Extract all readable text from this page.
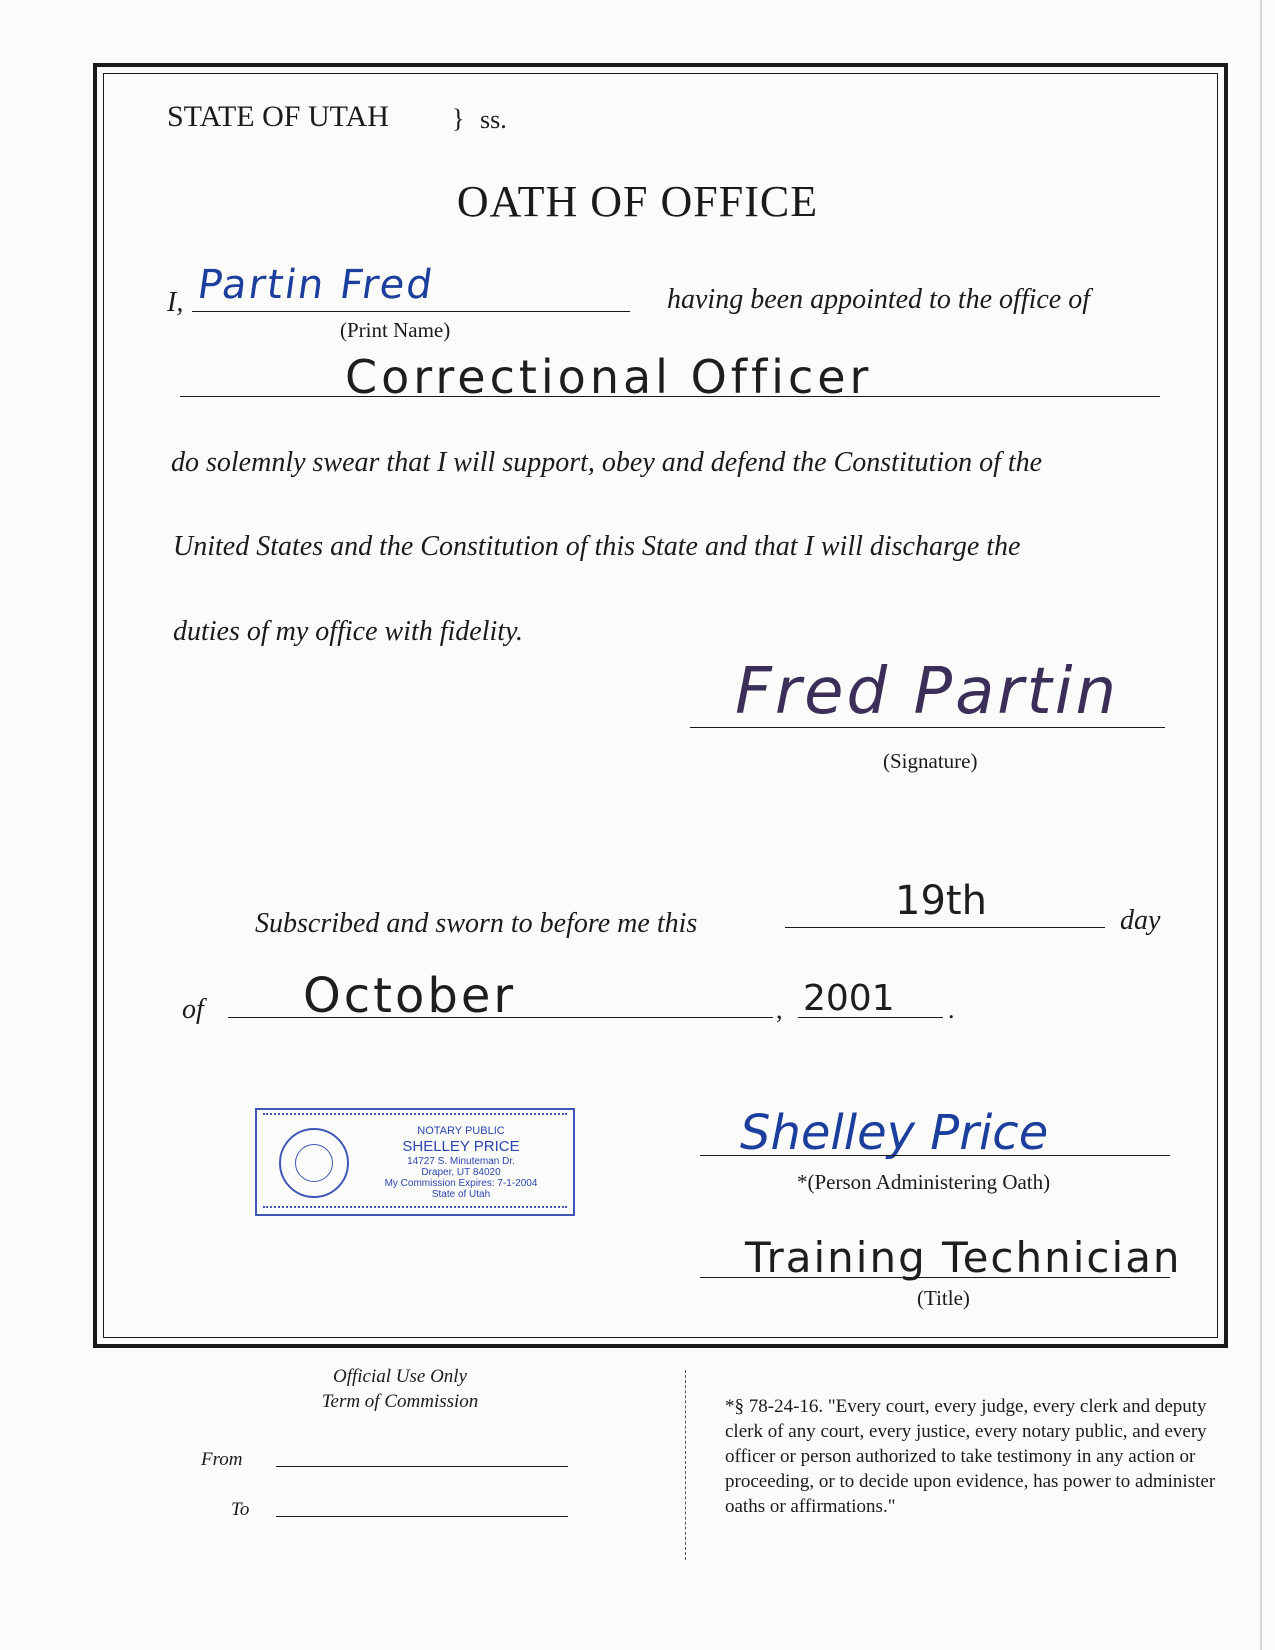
STATE OF UTAH } ss.
OATH OF OFFICE
I, Partin Fred
(Print Name)
having been appointed to the office of
Correctional Officer
do solemnly swear that I will support, obey and defend the Constitution of the
United States and the Constitution of this State and that I will discharge the
duties of my office with fidelity.
Fred Partin
(Signature)
Subscribed and sworn to before me this	19th	day
of October	, 2001 .
NOTARY PUBLIC
SHELLEY PRICE
14727 S. Minuteman Dr.
Draper, UT 84020
My Commission Expires: 7-1-2004
State of Utah
Shelley Price
*(Person Administering Oath)
Training Technician
(Title)
Official Use Only
Term of Commission
From
To
*§ 78-24-16. "Every court, every judge, every clerk and deputy clerk of any court, every justice, every notary public, and every officer or person authorized to take testimony in any action or proceeding, or to decide upon evidence, has power to administer oaths or affirmations."
